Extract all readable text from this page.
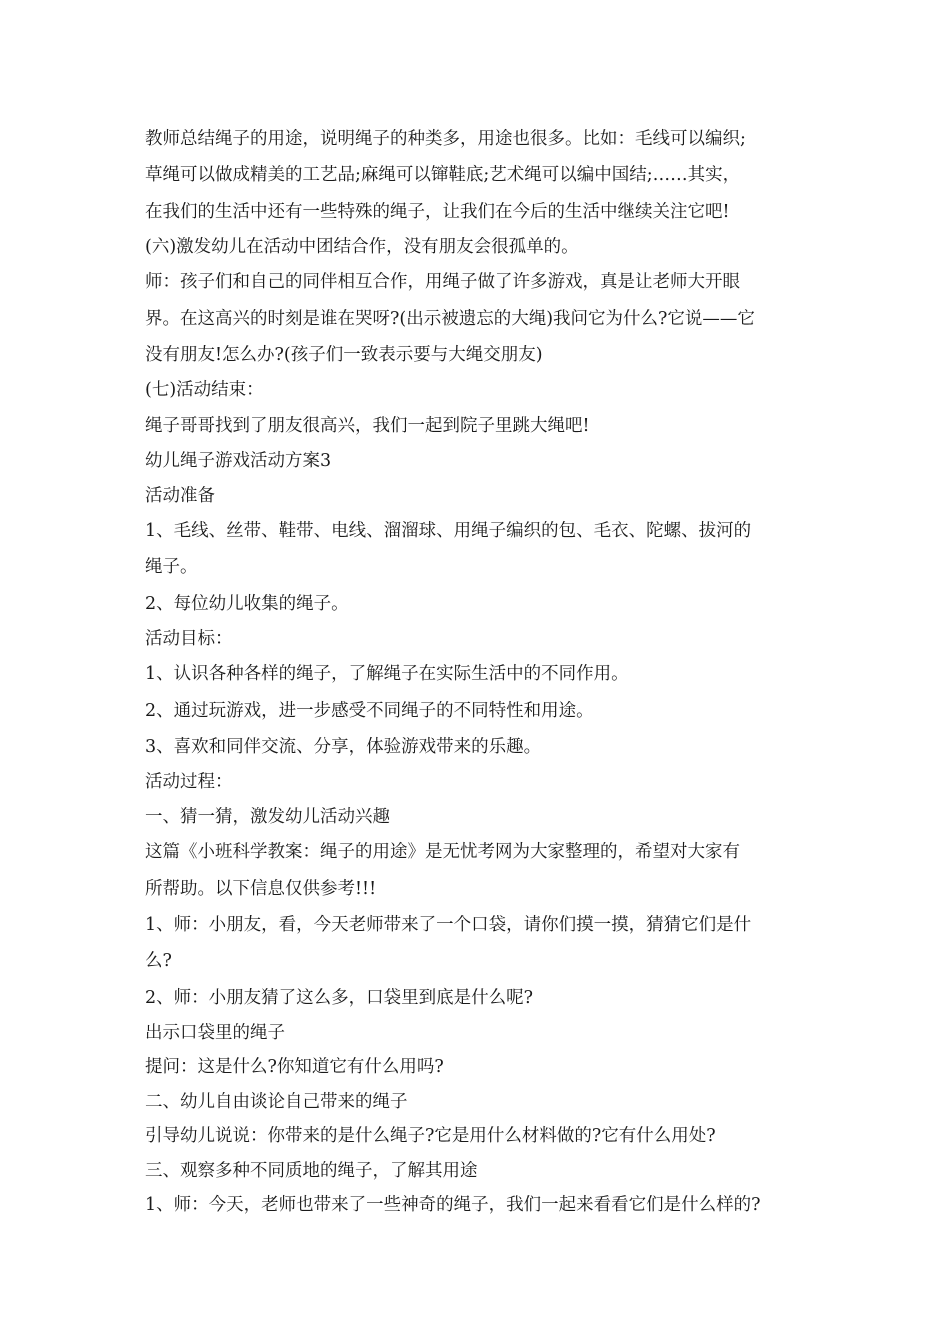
教师总结绳子的用途，说明绳子的种类多，用途也很多。比如：毛线可以编织;
草绳可以做成精美的工艺品;麻绳可以镩鞋底;艺术绳可以编中国结;……其实，
在我们的生活中还有一些特殊的绳子，让我们在今后的生活中继续关注它吧!
(六)激发幼儿在活动中团结合作，没有朋友会很孤单的。
师：孩子们和自己的同伴相互合作，用绳子做了许多游戏，真是让老师大开眼
界。在这高兴的时刻是谁在哭呀?(出示被遗忘的大绳)我问它为什么?它说——它
没有朋友!怎么办?(孩子们一致表示要与大绳交朋友)
(七)活动结束：
绳子哥哥找到了朋友很高兴，我们一起到院子里跳大绳吧!
幼儿绳子游戏活动方案3
活动准备
1、毛线、丝带、鞋带、电线、溜溜球、用绳子编织的包、毛衣、陀螺、拔河的
绳子。
2、每位幼儿收集的绳子。
活动目标：
1、认识各种各样的绳子，了解绳子在实际生活中的不同作用。
2、通过玩游戏，进一步感受不同绳子的不同特性和用途。
3、喜欢和同伴交流、分享，体验游戏带来的乐趣。
活动过程：
一、猜一猜，激发幼儿活动兴趣
这篇《小班科学教案：绳子的用途》是无忧考网为大家整理的，希望对大家有
所帮助。以下信息仅供参考!!!
1、师：小朋友，看，今天老师带来了一个口袋，请你们摸一摸，猜猜它们是什
么?
2、师：小朋友猜了这么多，口袋里到底是什么呢?
出示口袋里的绳子
提问：这是什么?你知道它有什么用吗?
二、幼儿自由谈论自己带来的绳子
引导幼儿说说：你带来的是什么绳子?它是用什么材料做的?它有什么用处?
三、观察多种不同质地的绳子，了解其用途
1、师：今天，老师也带来了一些神奇的绳子，我们一起来看看它们是什么样的?
